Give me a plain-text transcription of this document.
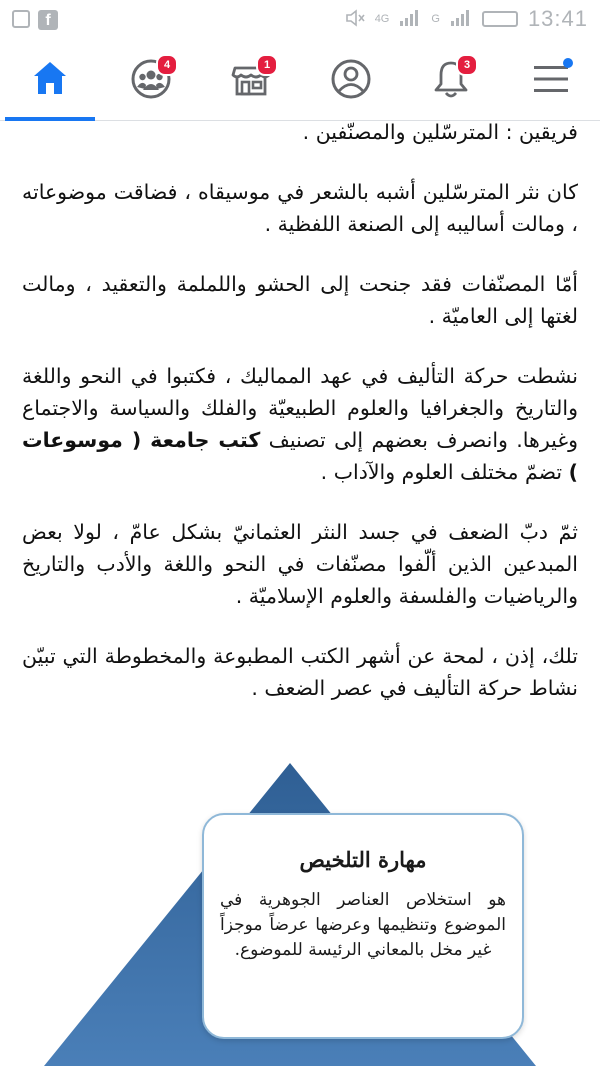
f	4G	G	13:41
4	1	3

فريقين : المترسّلين والمصنّفين .

كان نثر المترسّلين أشبه بالشعر في موسيقاه ، فضاقت موضوعاته ، ومالت أساليبه إلى الصنعة اللفظية .

أمّا المصنّفات فقد جنحت إلى الحشو واللملمة والتعقيد ، ومالت لغتها إلى العاميّة .

نشطت حركة التأليف في عهد المماليك ، فكتبوا في النحو واللغة والتاريخ والجغرافيا والعلوم الطبيعيّة والفلك والسياسة والاجتماع وغيرها. وانصرف بعضهم إلى تصنيف كتب جامعة ( موسوعات ) تضمّ مختلف العلوم والآداب .

ثمّ دبّ الضعف في جسد النثر العثمانيّ بشكل عامّ ، لولا بعض المبدعين الذين ألّفوا مصنّفات في النحو واللغة والأدب والتاريخ والرياضيات والفلسفة والعلوم الإسلاميّة .

تلك، إذن ، لمحة عن أشهر الكتب المطبوعة والمخطوطة التي تبيّن نشاط حركة التأليف في عصر الضعف .

مهارة التلخيص
هو استخلاص العناصر الجوهرية في الموضوع وتنظيمها وعرضها عرضاً موجزاً غير مخل بالمعاني الرئيسة للموضوع.
